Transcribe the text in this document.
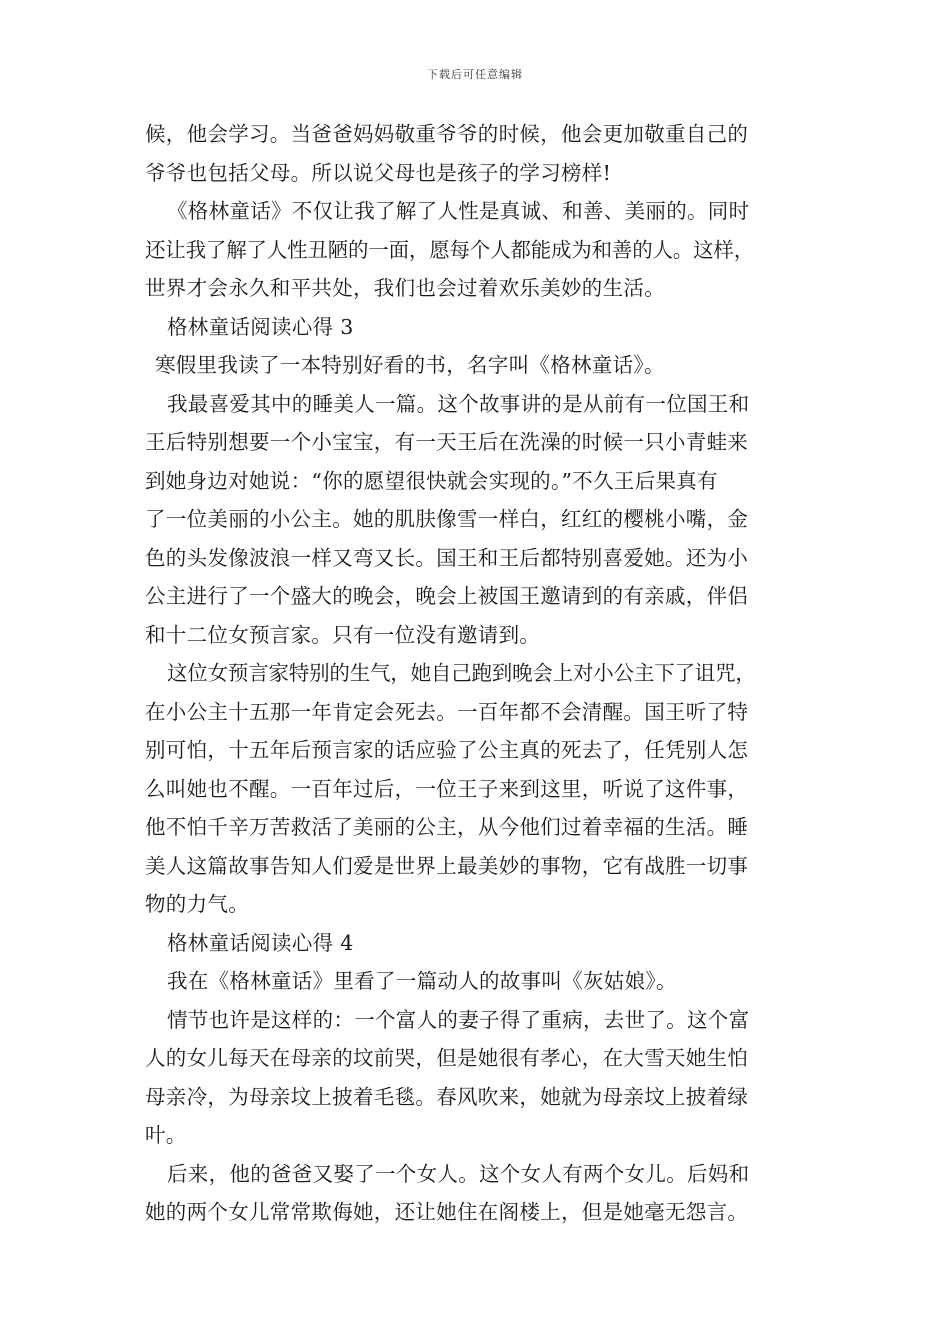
下载后可任意编辑
候，他会学习。当爸爸妈妈敬重爷爷的时候，他会更加敬重自己的
爷爷也包括父母。所以说父母也是孩子的学习榜样!
《格林童话》不仅让我了解了人性是真诚、和善、美丽的。同时
还让我了解了人性丑陋的一面，愿每个人都能成为和善的人。这样，
世界才会永久和平共处，我们也会过着欢乐美妙的生活。
格林童话阅读心得 3
寒假里我读了一本特别好看的书，名字叫《格林童话》。
我最喜爱其中的睡美人一篇。这个故事讲的是从前有一位国王和
王后特别想要一个小宝宝，有一天王后在洗澡的时候一只小青蛙来
到她身边对她说：“你的愿望很快就会实现的。”不久王后果真有
了一位美丽的小公主。她的肌肤像雪一样白，红红的樱桃小嘴，金
色的头发像波浪一样又弯又长。国王和王后都特别喜爱她。还为小
公主进行了一个盛大的晚会，晚会上被国王邀请到的有亲戚，伴侣
和十二位女预言家。只有一位没有邀请到。
这位女预言家特别的生气，她自己跑到晚会上对小公主下了诅咒，
在小公主十五那一年肯定会死去。一百年都不会清醒。国王听了特
别可怕，十五年后预言家的话应验了公主真的死去了，任凭别人怎
么叫她也不醒。一百年过后，一位王子来到这里，听说了这件事，
他不怕千辛万苦救活了美丽的公主，从今他们过着幸福的生活。睡
美人这篇故事告知人们爱是世界上最美妙的事物，它有战胜一切事
物的力气。
格林童话阅读心得 4
我在《格林童话》里看了一篇动人的故事叫《灰姑娘》。
情节也许是这样的：一个富人的妻子得了重病，去世了。这个富
人的女儿每天在母亲的坟前哭，但是她很有孝心，在大雪天她生怕
母亲冷，为母亲坟上披着毛毯。春风吹来，她就为母亲坟上披着绿
叶。
后来，他的爸爸又娶了一个女人。这个女人有两个女儿。后妈和
她的两个女儿常常欺侮她，还让她住在阁楼上，但是她毫无怨言。
